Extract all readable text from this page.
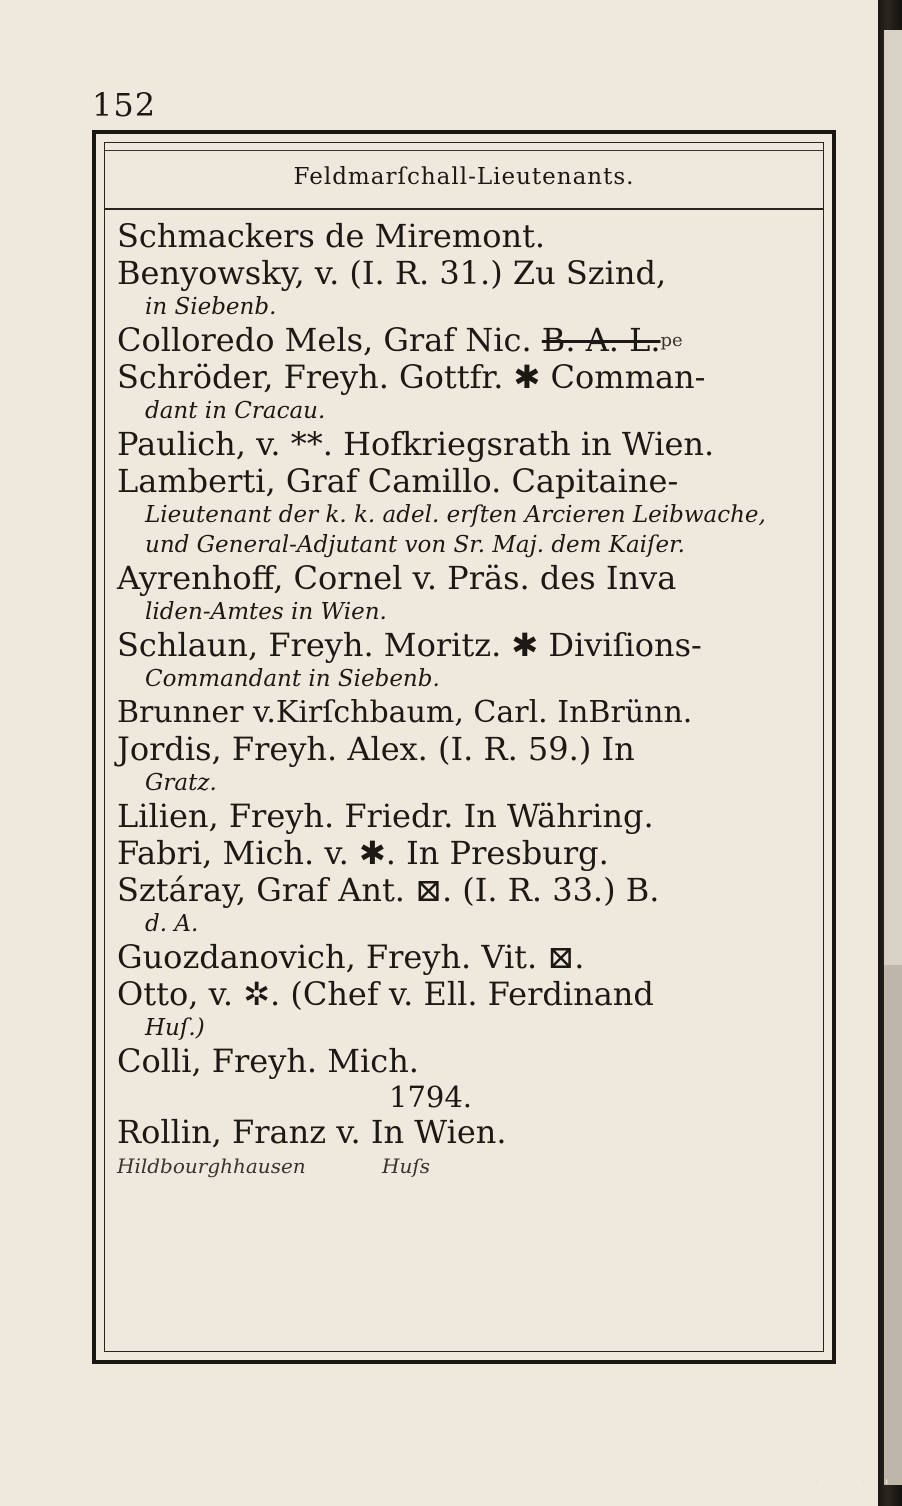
152
Feldmarſchall-Lieutenants.
Schmackers de Miremont.
Benyowsky, v. (I. R. 31.) Zu Szind,
in Siebenb.
Colloredo Mels, Graf Nic. B. A. L.$^{pe}$
Schröder, Freyh. Gottfr. ✱ Comman-
dant in Cracau.
Paulich, v. **. Hofkriegsrath in Wien.
Lamberti, Graf Camillo. Capitaine-
Lieutenant der k. k. adel. erſten Arcieren Leibwache, und General-Adjutant von Sr. Maj. dem Kaiſer.
Ayrenhoff, Cornel v. Präs. des Inva
liden-Amtes in Wien.
Schlaun, Freyh. Moritz. ✱ Diviſions-
Commandant in Siebenb.
Brunner v.Kirſchbaum, Carl. InBrünn.
Jordis, Freyh. Alex. (I. R. 59.) In
Gratz.
Lilien, Freyh. Friedr. In Währing.
Fabri, Mich. v. ✱. In Presburg.
Sztáray, Graf Ant. ⊠. (I. R. 33.) B.
d. A.
Guozdanovich, Freyh. Vit. ⊠.
Otto, v. ✲. (Chef v. Ell. Ferdinand
Huſ.)
Colli, Freyh. Mich.
1794.
Rollin, Franz v. In Wien.
Hildbourghhausen	Huſs
' ' ' '
